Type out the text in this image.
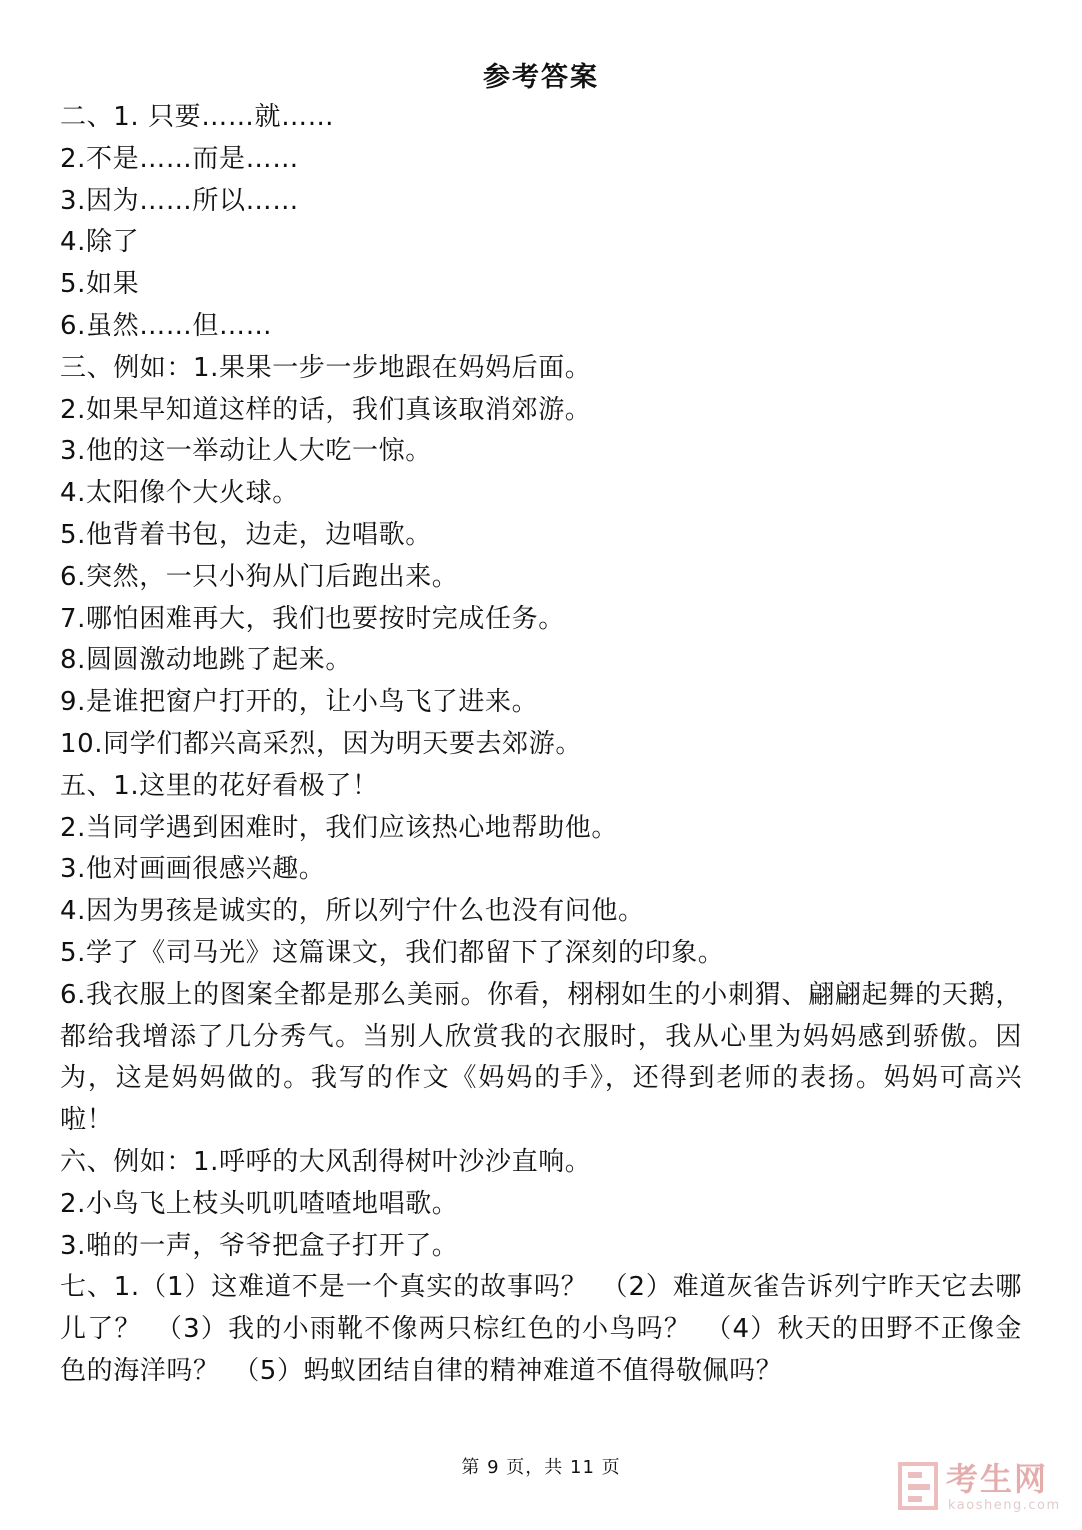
参考答案
二、1. 只要……就……
2.不是……而是……
3.因为……所以……
4.除了
5.如果
6.虽然……但……
三、例如：1.果果一步一步地跟在妈妈后面。
2.如果早知道这样的话，我们真该取消郊游。
3.他的这一举动让人大吃一惊。
4.太阳像个大火球。
5.他背着书包，边走，边唱歌。
6.突然，一只小狗从门后跑出来。
7.哪怕困难再大，我们也要按时完成任务。
8.圆圆激动地跳了起来。
9.是谁把窗户打开的，让小鸟飞了进来。
10.同学们都兴高采烈，因为明天要去郊游。
五、1.这里的花好看极了！
2.当同学遇到困难时，我们应该热心地帮助他。
3.他对画画很感兴趣。
4.因为男孩是诚实的，所以列宁什么也没有问他。
5.学了《司马光》这篇课文，我们都留下了深刻的印象。
6.我衣服上的图案全都是那么美丽。你看，栩栩如生的小刺猬、翩翩起舞的天鹅，都给我增添了几分秀气。当别人欣赏我的衣服时，我从心里为妈妈感到骄傲。因为，这是妈妈做的。我写的作文《妈妈的手》，还得到老师的表扬。妈妈可高兴啦！
六、例如：1.呼呼的大风刮得树叶沙沙直响。
2.小鸟飞上枝头叽叽喳喳地唱歌。
3.啪的一声，爷爷把盒子打开了。
七、1.（1）这难道不是一个真实的故事吗？　（2）难道灰雀告诉列宁昨天它去哪儿了？　（3）我的小雨靴不像两只棕红色的小鸟吗？　（4）秋天的田野不正像金色的海洋吗？　（5）蚂蚁团结自律的精神难道不值得敬佩吗？
第 9 页，共 11 页	考生网
kaosheng.com
